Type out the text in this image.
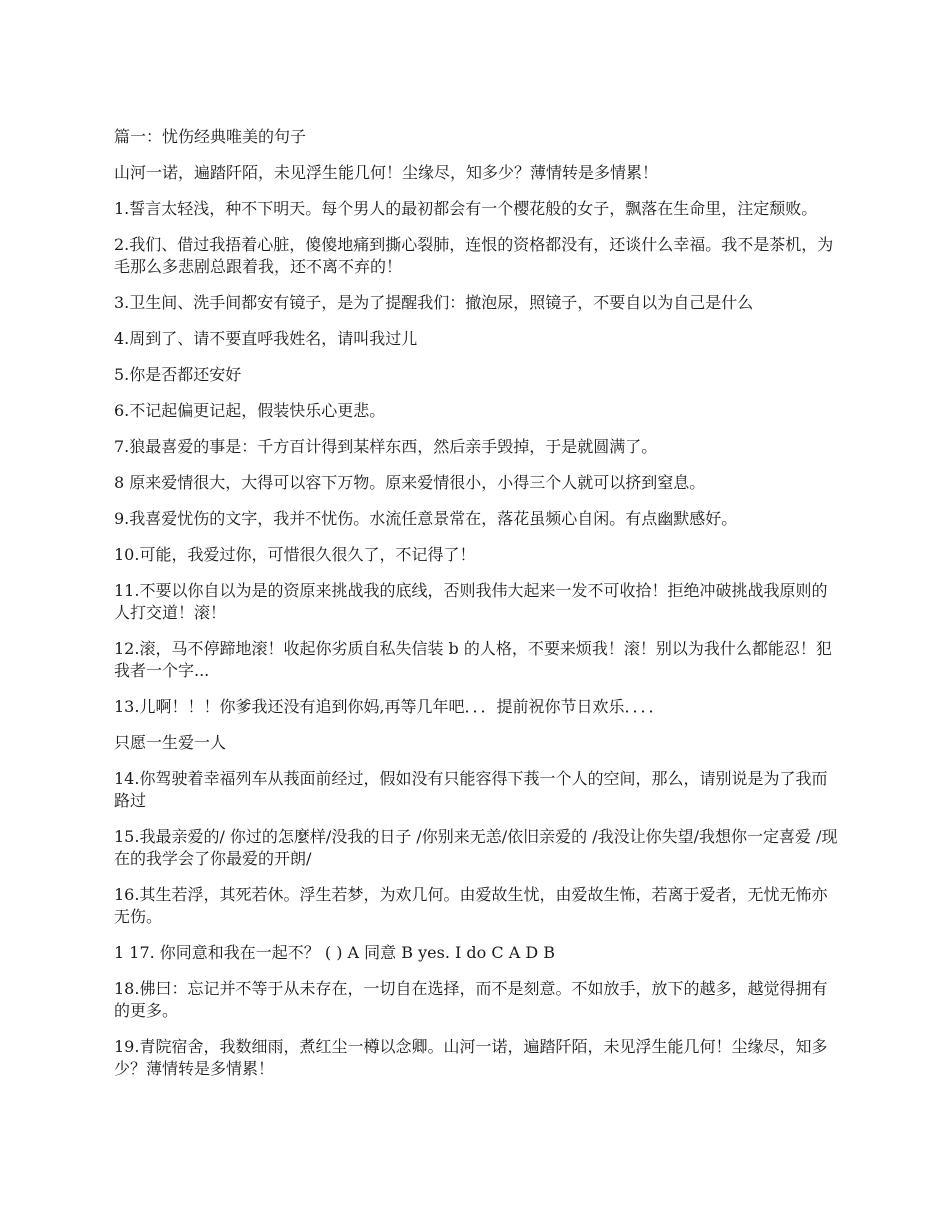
篇一：忧伤经典唯美的句子

山河一诺，遍踏阡陌，未见浮生能几何！尘缘尽，知多少？薄情转是多情累！

1.誓言太轻浅，种不下明天。每个男人的最初都会有一个樱花般的女子，飘落在生命里，注定颓败。

2.我们、借过我捂着心脏，傻傻地痛到撕心裂肺，连恨的资格都没有，还谈什么幸福。我不是茶机，为毛那么多悲剧总跟着我，还不离不弃的！

3.卫生间、洗手间都安有镜子，是为了提醒我们：撤泡尿，照镜子，不要自以为自己是什么

4.周到了、请不要直呼我姓名，请叫我过儿

5.你是否都还安好

6.不记起偏更记起，假装快乐心更悲。

7.狼最喜爱的事是：千方百计得到某样东西，然后亲手毁掉，于是就圆满了。

8 原来爱情很大，大得可以容下万物。原来爱情很小，小得三个人就可以挤到窒息。

9.我喜爱忧伤的文字，我并不忧伤。水流任意景常在，落花虽频心自闲。有点幽默感好。

10.可能，我爱过你，可惜很久很久了，不记得了！

11.不要以你自以为是的资原来挑战我的底线，否则我伟大起来一发不可收拾！拒绝冲破挑战我原则的人打交道！滚！

12.滚，马不停蹄地滚！收起你劣质自私失信装 b 的人格，不要来烦我！滚！别以为我什么都能忍！犯我者一个字...

13.儿啊！！！你爹我还没有追到你妈,再等几年吧．．．提前祝你节日欢乐．．．．

只愿一生爱一人

14.你驾驶着幸福列车从莪面前经过，假如没有只能容得下莪一个人的空间，那么，请别说是为了我而路过

15.我最亲爱的/ 你过的怎麼样/没我的日子 /你别来无恙/依旧亲爱的 /我没让你失望/我想你一定喜爱 /现在的我学会了你最爱的开朗/

16.其生若浮，其死若休。浮生若梦，为欢几何。由爱故生忧，由爱故生怖，若离于爱者，无忧无怖亦无伤。

1 17. 你同意和我在一起不？ ( ) A 同意 B yes. I do C A D B

18.佛曰：忘记并不等于从未存在，一切自在选择，而不是刻意。不如放手，放下的越多，越觉得拥有的更多。

19.青院宿舍，我数细雨，煮红尘一樽以念卿。山河一诺，遍踏阡陌，未见浮生能几何！尘缘尽，知多少？薄情转是多情累！
